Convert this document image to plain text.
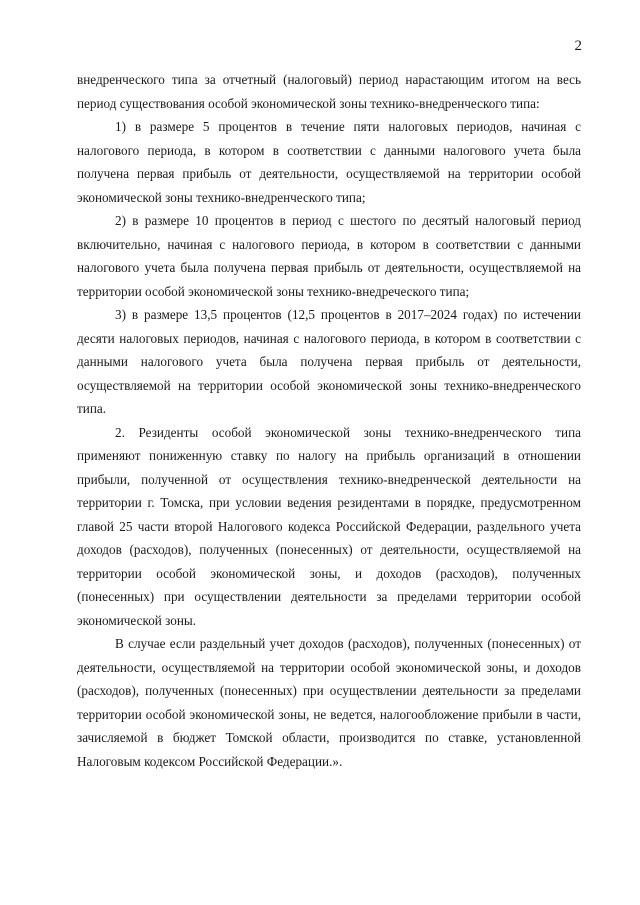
2

внедренческого типа за отчетный (налоговый) период нарастающим итогом на весь период существования особой экономической зоны технико-внедренческого типа:

1) в размере 5 процентов в течение пяти налоговых периодов, начиная с налогового периода, в котором в соответствии с данными налогового учета была получена первая прибыль от деятельности, осуществляемой на территории особой экономической зоны технико-внедренческого типа;

2) в размере 10 процентов в период с шестого по десятый налоговый период включительно, начиная с налогового периода, в котором в соответствии с данными налогового учета была получена первая прибыль от деятельности, осуществляемой на территории особой экономической зоны технико-внедреческого типа;

3) в размере 13,5 процентов (12,5 процентов в 2017–2024 годах) по истечении десяти налоговых периодов, начиная с налогового периода, в котором в соответствии с данными налогового учета была получена первая прибыль от деятельности, осуществляемой на территории особой экономической зоны технико-внедренческого типа.

2. Резиденты особой экономической зоны технико-внедренческого типа применяют пониженную ставку по налогу на прибыль организаций в отношении прибыли, полученной от осуществления технико-внедренческой деятельности на территории г. Томска, при условии ведения резидентами в порядке, предусмотренном главой 25 части второй Налогового кодекса Российской Федерации, раздельного учета доходов (расходов), полученных (понесенных) от деятельности, осуществляемой на территории особой экономической зоны, и доходов (расходов), полученных (понесенных) при осуществлении деятельности за пределами территории особой экономической зоны.

В случае если раздельный учет доходов (расходов), полученных (понесенных) от деятельности, осуществляемой на территории особой экономической зоны, и доходов (расходов), полученных (понесенных) при осуществлении деятельности за пределами территории особой экономической зоны, не ведется, налогообложение прибыли в части, зачисляемой в бюджет Томской области, производится по ставке, установленной Налоговым кодексом Российской Федерации.».
